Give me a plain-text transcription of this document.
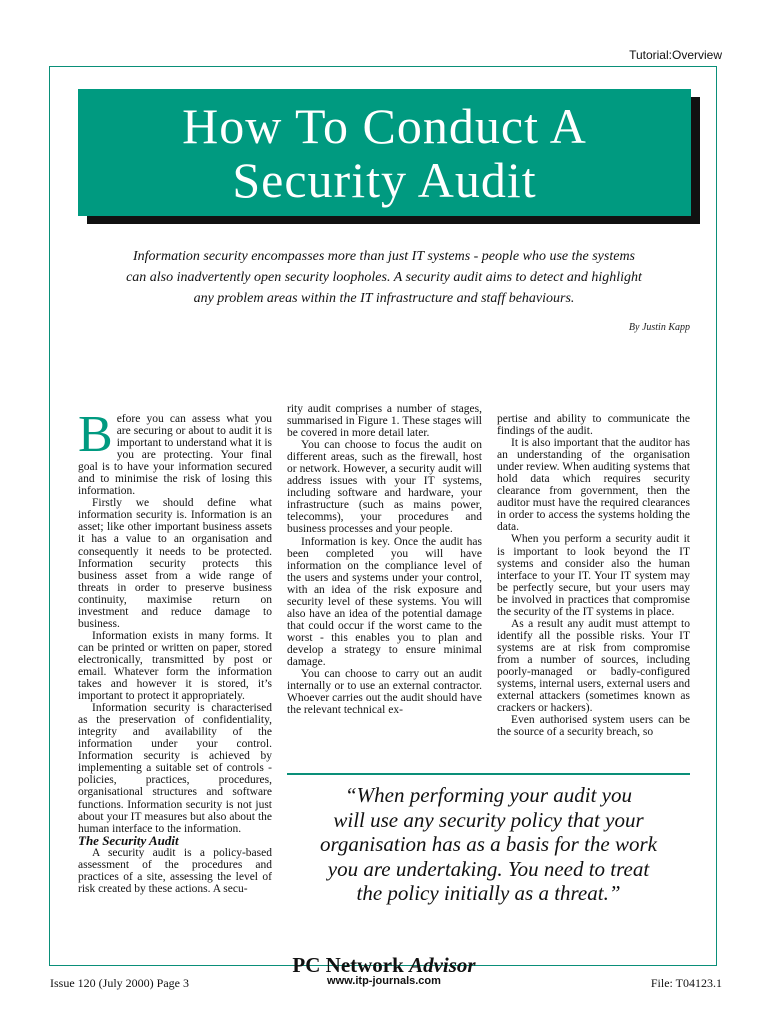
Tutorial:Overview
How To Conduct A
Security Audit
Information security encompasses more than just IT systems - people who use the systems
can also inadvertently open security loopholes. A security audit aims to detect and highlight
any problem areas within the IT infrastructure and staff behaviours.
By Justin Kapp

Before you can assess what you are securing or about to audit it is important to understand what it is you are protecting. Your final goal is to have your information secured and to minimise the risk of losing this information.

Firstly we should define what information security is. Information is an asset; like other important business assets it has a value to an organisation and consequently it needs to be protected. Information security protects this business asset from a wide range of threats in order to preserve business continuity, maximise return on investment and reduce damage to business.

Information exists in many forms. It can be printed or written on paper, stored electronically, transmitted by post or email. Whatever form the information takes and however it is stored, it’s important to protect it appropriately.

Information security is characterised as the preservation of confidentiality, integrity and availability of the information under your control. Information security is achieved by implementing a suitable set of controls - policies, practices, procedures, organisational structures and software functions. Information security is not just about your IT measures but also about the human interface to the information.

The Security Audit

A security audit is a policy-based assessment of the procedures and practices of a site, assessing the level of risk created by these actions. A secu-

rity audit comprises a number of stages, summarised in Figure 1. These stages will be covered in more detail later.

You can choose to focus the audit on different areas, such as the firewall, host or network. However, a security audit will address issues with your IT systems, including software and hardware, your infrastructure (such as mains power, telecomms), your procedures and business processes and your people.

Information is key. Once the audit has been completed you will have information on the compliance level of the users and systems under your control, with an idea of the risk exposure and security level of these systems. You will also have an idea of the potential damage that could occur if the worst came to the worst - this enables you to plan and develop a strategy to ensure minimal damage.

You can choose to carry out an audit internally or to use an external contractor. Whoever carries out the audit should have the relevant technical ex-

pertise and ability to communicate the findings of the audit.

It is also important that the auditor has an understanding of the organisation under review. When auditing systems that hold data which requires security clearance from government, then the auditor must have the required clearances in order to access the systems holding the data.

When you perform a security audit it is important to look beyond the IT systems and consider also the human interface to your IT. Your IT system may be perfectly secure, but your users may be involved in practices that compromise the security of the IT systems in place.

As a result any audit must attempt to identify all the possible risks. Your IT systems are at risk from compromise from a number of sources, including poorly-managed or badly-configured systems, internal users, external users and external attackers (sometimes known as crackers or hackers).

Even authorised system users can be the source of a security breach, so

“When performing your audit you
will use any security policy that your
organisation has as a basis for the work
you are undertaking. You need to treat
the policy initially as a threat.”
Issue 120 (July 2000) Page 3
PC Network Advisor
www.itp-journals.com	File: T04123.1
